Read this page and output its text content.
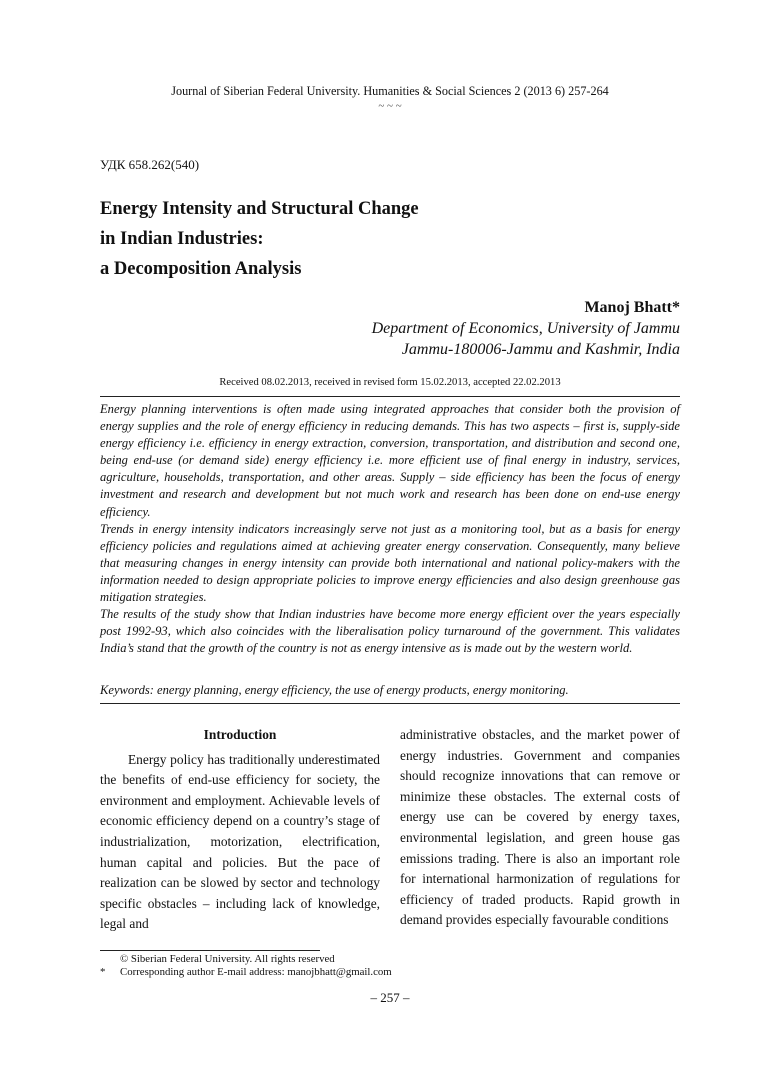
Journal of Siberian Federal University. Humanities & Social Sciences 2 (2013 6) 257-264
~ ~ ~
УДК 658.262(540)
Energy Intensity and Structural Change
in Indian Industries:
a Decomposition Analysis
Manoj Bhatt*
Department of Economics, University of Jammu
Jammu-180006-Jammu and Kashmir, India
Received 08.02.2013, received in revised form 15.02.2013, accepted 22.02.2013

Energy planning interventions is often made using integrated approaches that consider both the provision of energy supplies and the role of energy efficiency in reducing demands. This has two aspects – first is, supply-side energy efficiency i.e. efficiency in energy extraction, conversion, transportation, and distribution and second one, being end-use (or demand side) energy efficiency i.e. more efficient use of final energy in industry, services, agriculture, households, transportation, and other areas. Supply – side efficiency has been the focus of energy investment and research and development but not much work and research has been done on end-use energy efficiency.

Trends in energy intensity indicators increasingly serve not just as a monitoring tool, but as a basis for energy efficiency policies and regulations aimed at achieving greater energy conservation. Consequently, many believe that measuring changes in energy intensity can provide both international and national policy-makers with the information needed to design appropriate policies to improve energy efficiencies and also design greenhouse gas mitigation strategies.

The results of the study show that Indian industries have become more energy efficient over the years especially post 1992-93, which also coincides with the liberalisation policy turnaround of the government. This validates India’s stand that the growth of the country is not as energy intensive as is made out by the western world.

Keywords: energy planning, energy efficiency, the use of energy products, energy monitoring.
Introduction

Energy policy has traditionally underestimated the benefits of end-use efficiency for society, the environment and employment. Achievable levels of economic efficiency depend on a country’s stage of industrialization, motorization, electrification, human capital and policies. But the pace of realization can be slowed by sector and technology specific obstacles – including lack of knowledge, legal and

administrative obstacles, and the market power of energy industries. Government and companies should recognize innovations that can remove or minimize these obstacles. The external costs of energy use can be covered by energy taxes, environmental legislation, and green house gas emissions trading. There is also an important role for international harmonization of regulations for efficiency of traded products. Rapid growth in demand provides especially favourable conditions

© Siberian Federal University. All rights reserved
* Corresponding author E-mail address: manojbhatt@gmail.com
– 257 –
